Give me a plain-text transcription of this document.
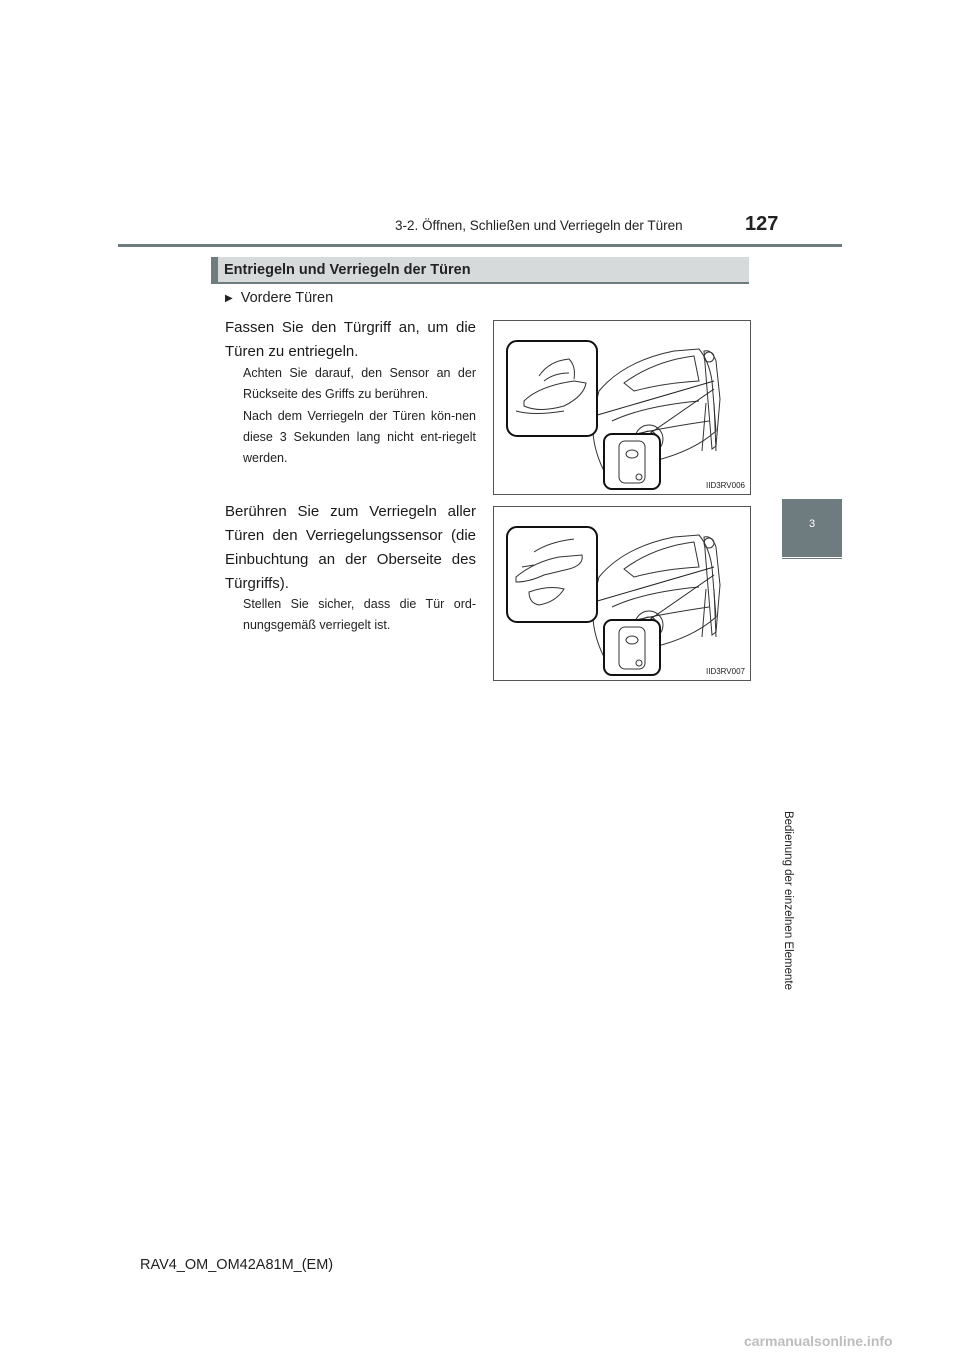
3-2. Öffnen, Schließen und Verriegeln der Türen	127
3
Bedienung der einzelnen Elemente
Entriegeln und Verriegeln der Türen
▶ Vordere Türen
Fassen Sie den Türgriff an, um die Türen zu entriegeln.
Achten Sie darauf, den Sensor an der Rückseite des Griffs zu berühren.
Nach dem Verriegeln der Türen kön-nen diese 3 Sekunden lang nicht ent-riegelt werden.
Berühren Sie zum Verriegeln aller Türen den Verriegelungssensor (die Einbuchtung an der Oberseite des Türgriffs).
Stellen Sie sicher, dass die Tür ord-nungsgemäß verriegelt ist.
IID3RV006
IID3RV007
RAV4_OM_OM42A81M_(EM)
carmanualsonline.info
